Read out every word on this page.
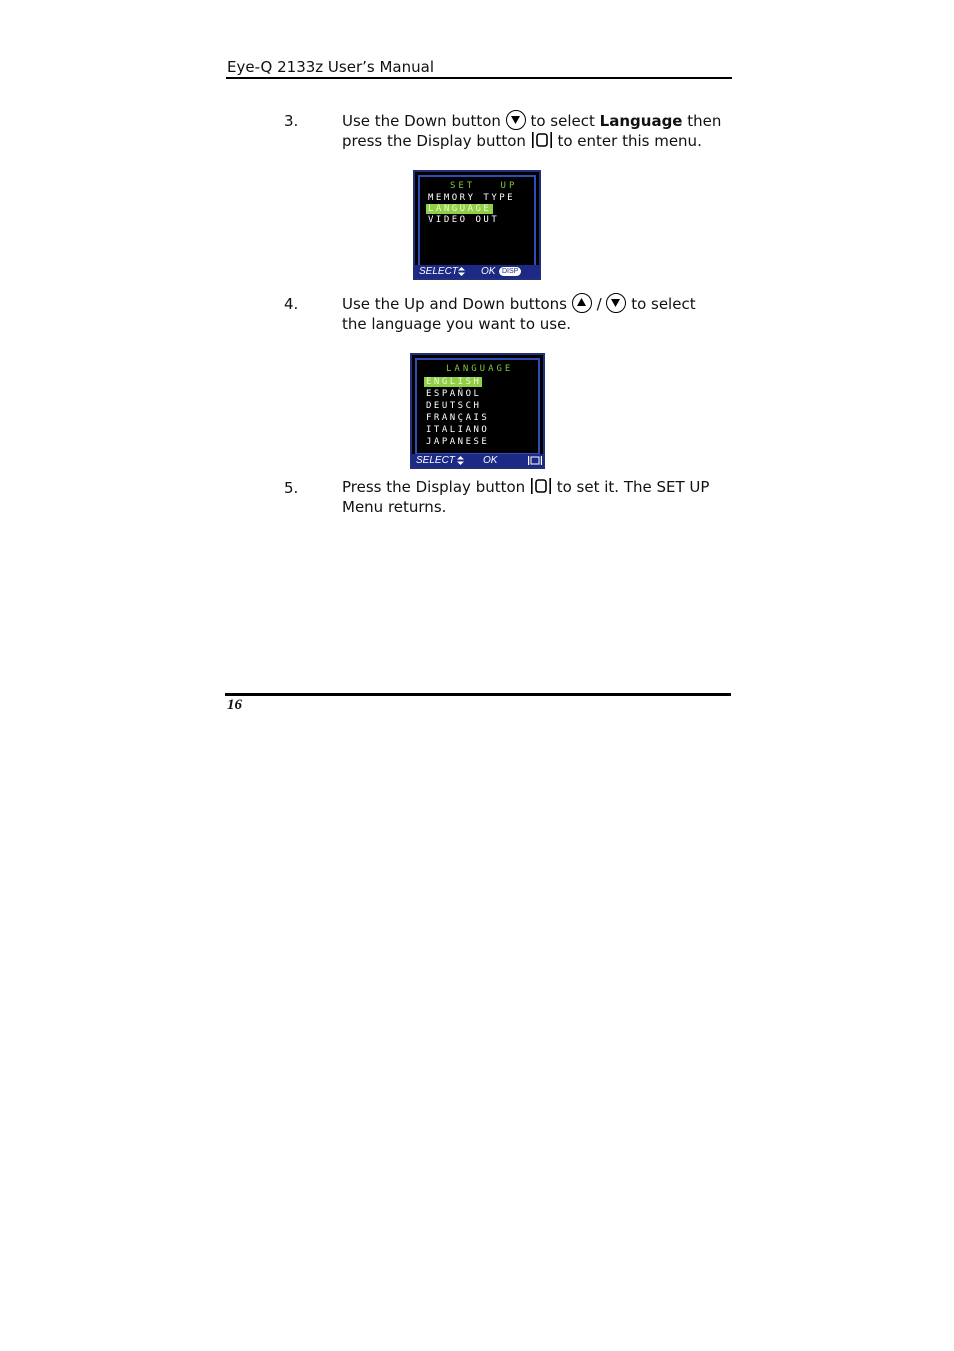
Eye-Q 2133z User’s Manual
3.	Use the Down button to select Language then
press the Display button to enter this menu.
SET	UP
MEMORY TYPE
LANGUAGE
VIDEO OUT
SELECT OK DISP
4.	Use the Up and Down buttons / to select
the language you want to use.
LANGUAGE
ENGLISH
ESPAÑOL
DEUTSCH
FRANÇAIS
ITALIANO
JAPANESE
SELECT	OK
5.	Press the Display button to set it. The SET UP
Menu returns.
16
